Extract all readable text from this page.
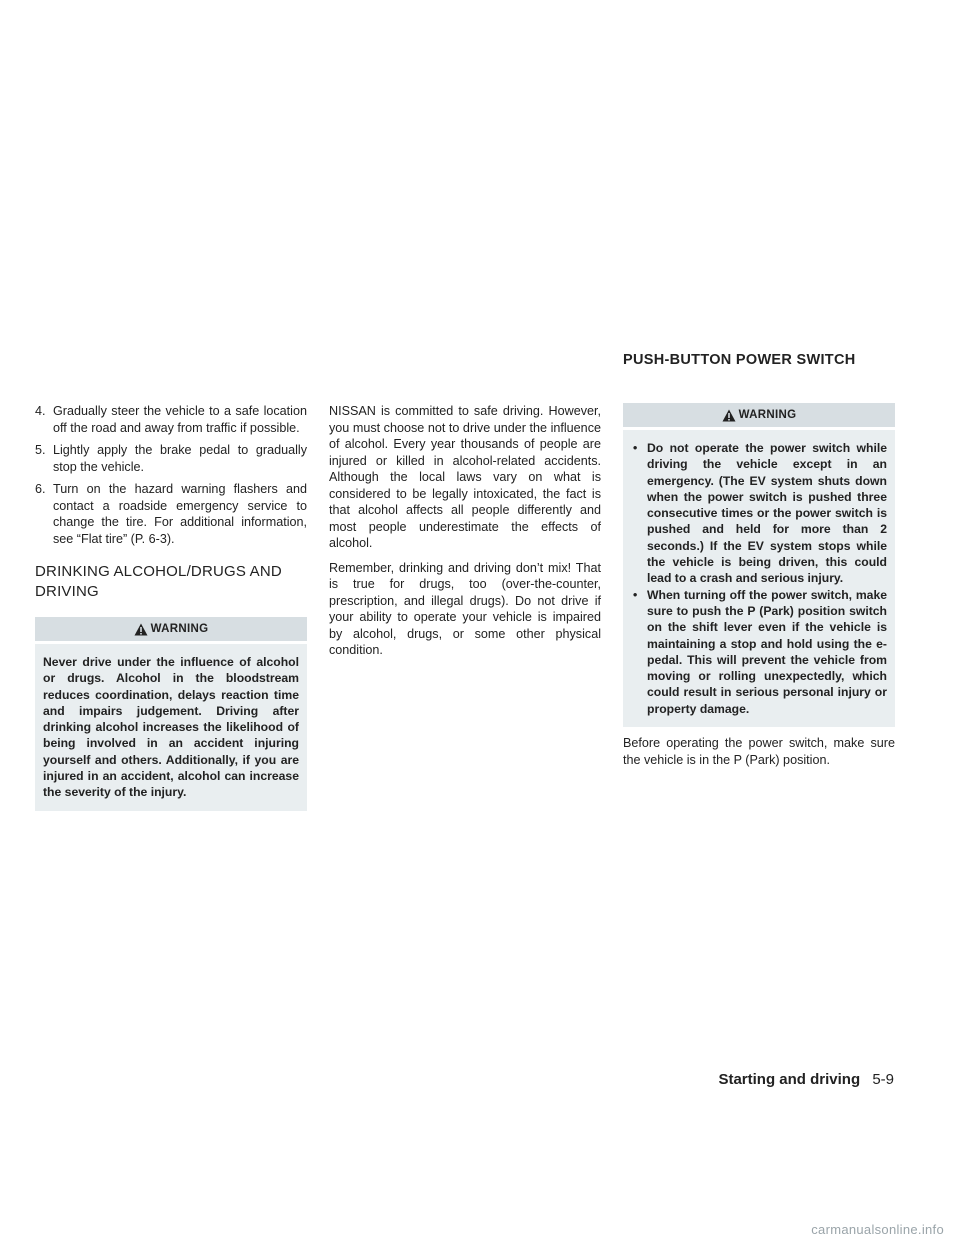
PUSH-BUTTON POWER SWITCH
4. Gradually steer the vehicle to a safe location off the road and away from traffic if possible.
5. Lightly apply the brake pedal to gradually stop the vehicle.
6. Turn on the hazard warning flashers and contact a roadside emergency service to change the tire. For additional information, see “Flat tire” (P. 6-3).
DRINKING ALCOHOL/DRUGS AND DRIVING
WARNING
Never drive under the influence of alcohol or drugs. Alcohol in the bloodstream reduces coordination, delays reaction time and impairs judgement. Driving after drinking alcohol increases the likelihood of being involved in an accident injuring yourself and others. Additionally, if you are injured in an accident, alcohol can increase the severity of the injury.

NISSAN is committed to safe driving. However, you must choose not to drive under the influence of alcohol. Every year thousands of people are injured or killed in alcohol-related accidents. Although the local laws vary on what is considered to be legally intoxicated, the fact is that alcohol affects all people differently and most people underestimate the effects of alcohol.

Remember, drinking and driving don’t mix! That is true for drugs, too (over-the-counter, prescription, and illegal drugs). Do not drive if your ability to operate your vehicle is impaired by alcohol, drugs, or some other physical condition.

WARNING
• Do not operate the power switch while driving the vehicle except in an emergency. (The EV system shuts down when the power switch is pushed three consecutive times or the power switch is pushed and held for more than 2 seconds.) If the EV system stops while the vehicle is being driven, this could lead to a crash and serious injury.
• When turning off the power switch, make sure to push the P (Park) position switch on the shift lever even if the vehicle is maintaining a stop and hold using the e-pedal. This will prevent the vehicle from moving or rolling unexpectedly, which could result in serious personal injury or property damage.

Before operating the power switch, make sure the vehicle is in the P (Park) position.

Starting and driving 5-9
carmanualsonline.info
